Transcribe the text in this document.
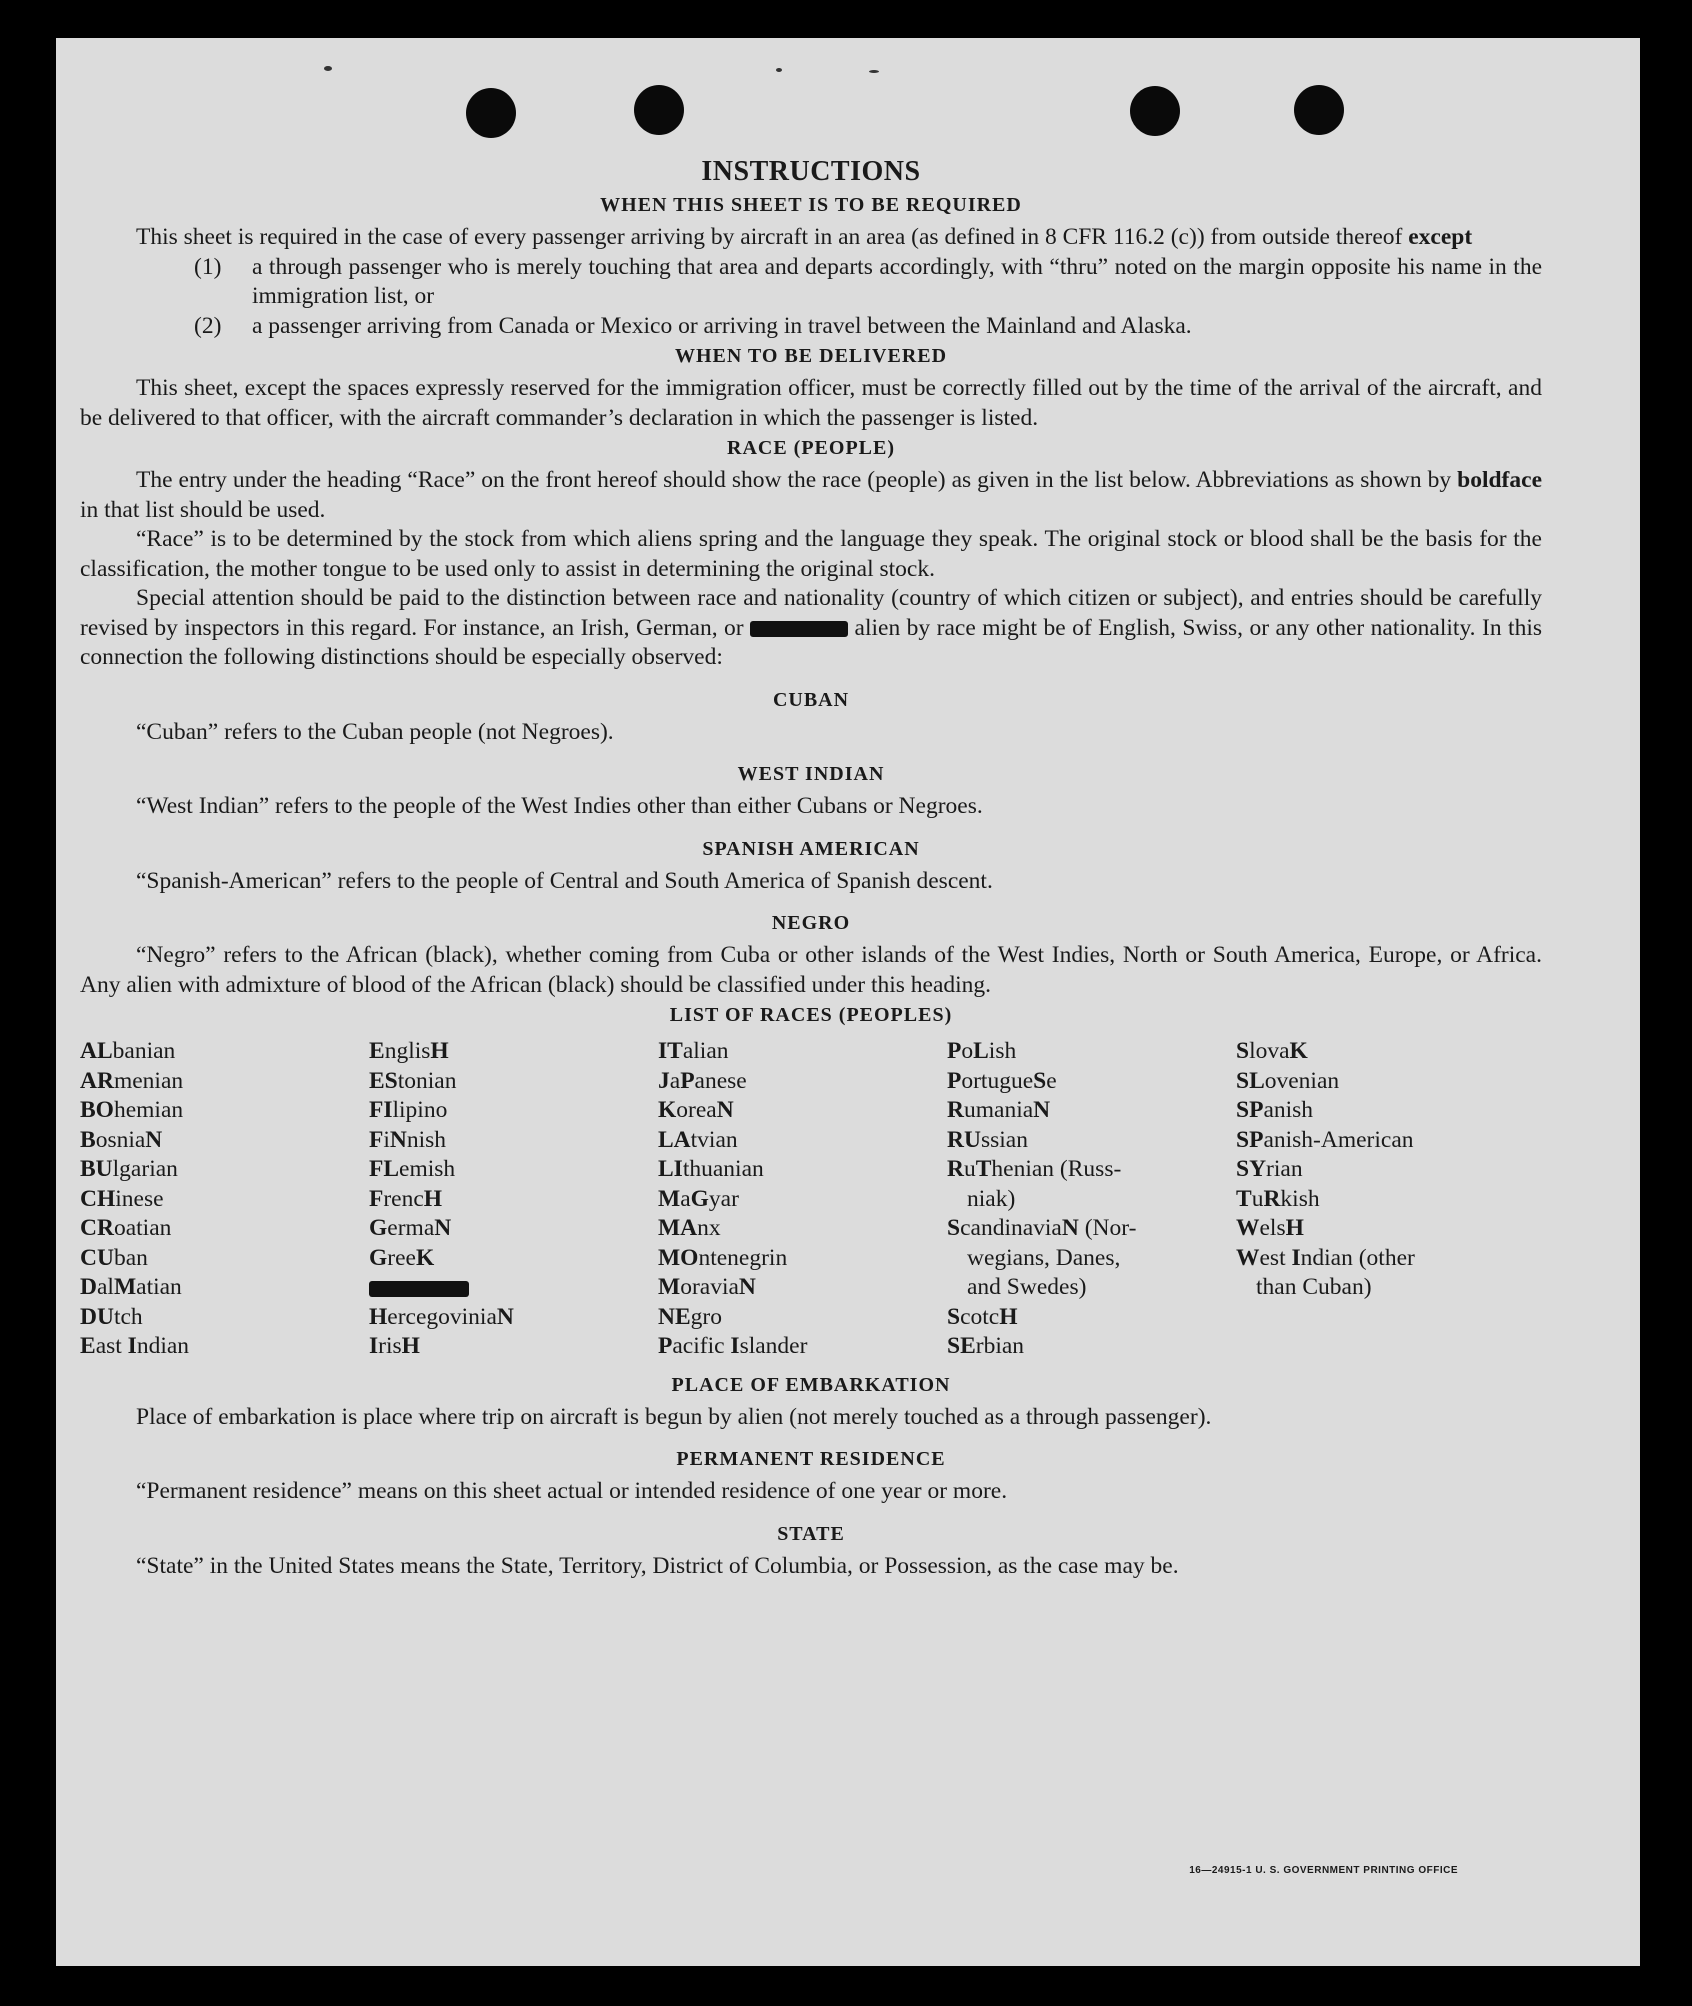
INSTRUCTIONS
WHEN THIS SHEET IS TO BE REQUIRED

This sheet is required in the case of every passenger arriving by aircraft in an area (as defined in 8 CFR 116.2 (c)) from outside thereof except

(1)	a through passenger who is merely touching that area and departs accordingly, with “thru” noted on the margin opposite his name in the immigration list, or
(2)	a passenger arriving from Canada or Mexico or arriving in travel between the Mainland and Alaska.
WHEN TO BE DELIVERED

This sheet, except the spaces expressly reserved for the immigration officer, must be correctly filled out by the time of the arrival of the aircraft, and be delivered to that officer, with the aircraft commander’s declaration in which the passenger is listed.

RACE (PEOPLE)

The entry under the heading “Race” on the front hereof should show the race (people) as given in the list below. Abbreviations as shown by boldface in that list should be used.

“Race” is to be determined by the stock from which aliens spring and the language they speak. The original stock or blood shall be the basis for the classification, the mother tongue to be used only to assist in determining the original stock.

Special attention should be paid to the distinction between race and nationality (country of which citizen or subject), and entries should be carefully revised by inspectors in this regard. For instance, an Irish, German, or	alien by race might be of English, Swiss, or any other nationality. In this connection the following distinctions should be especially observed:

CUBAN

“Cuban” refers to the Cuban people (not Negroes).

WEST INDIAN

“West Indian” refers to the people of the West Indies other than either Cubans or Negroes.

SPANISH AMERICAN

“Spanish-American” refers to the people of Central and South America of Spanish descent.

NEGRO

“Negro” refers to the African (black), whether coming from Cuba or other islands of the West Indies, North or South America, Europe, or Africa. Any alien with admixture of blood of the African (black) should be classified under this heading.

LIST OF RACES (PEOPLES)
ALbanian
ARmenian
BOhemian
BosniaN
BUlgarian
CHinese
CRoatian
CUban
DalMatian
DUtch
East Indian
EnglisH
EStonian
FIlipino
FiNnish
FLemish
FrencH
GermaN
GreeK
HercegoviniaN
IrisH
ITalian
JaPanese
KoreaN
LAtvian
LIthuanian
MaGyar
MAnx
MOntenegrin
MoraviaN
NEgro
Pacific Islander
PoLish
PortugueSe
RumaniaN
RUssian
RuThenian (Russ-
niak)
ScandinaviaN (Nor-
wegians, Danes,
and Swedes)
ScotcH
SErbian
SlovaK
SLovenian
SPanish
SPanish-American
SYrian
TuRkish
WelsH
West Indian (other
than Cuban)
PLACE OF EMBARKATION

Place of embarkation is place where trip on aircraft is begun by alien (not merely touched as a through passenger).

PERMANENT RESIDENCE

“Permanent residence” means on this sheet actual or intended residence of one year or more.

STATE

“State” in the United States means the State, Territory, District of Columbia, or Possession, as the case may be.

16—24915-1 U. S. GOVERNMENT PRINTING OFFICE
